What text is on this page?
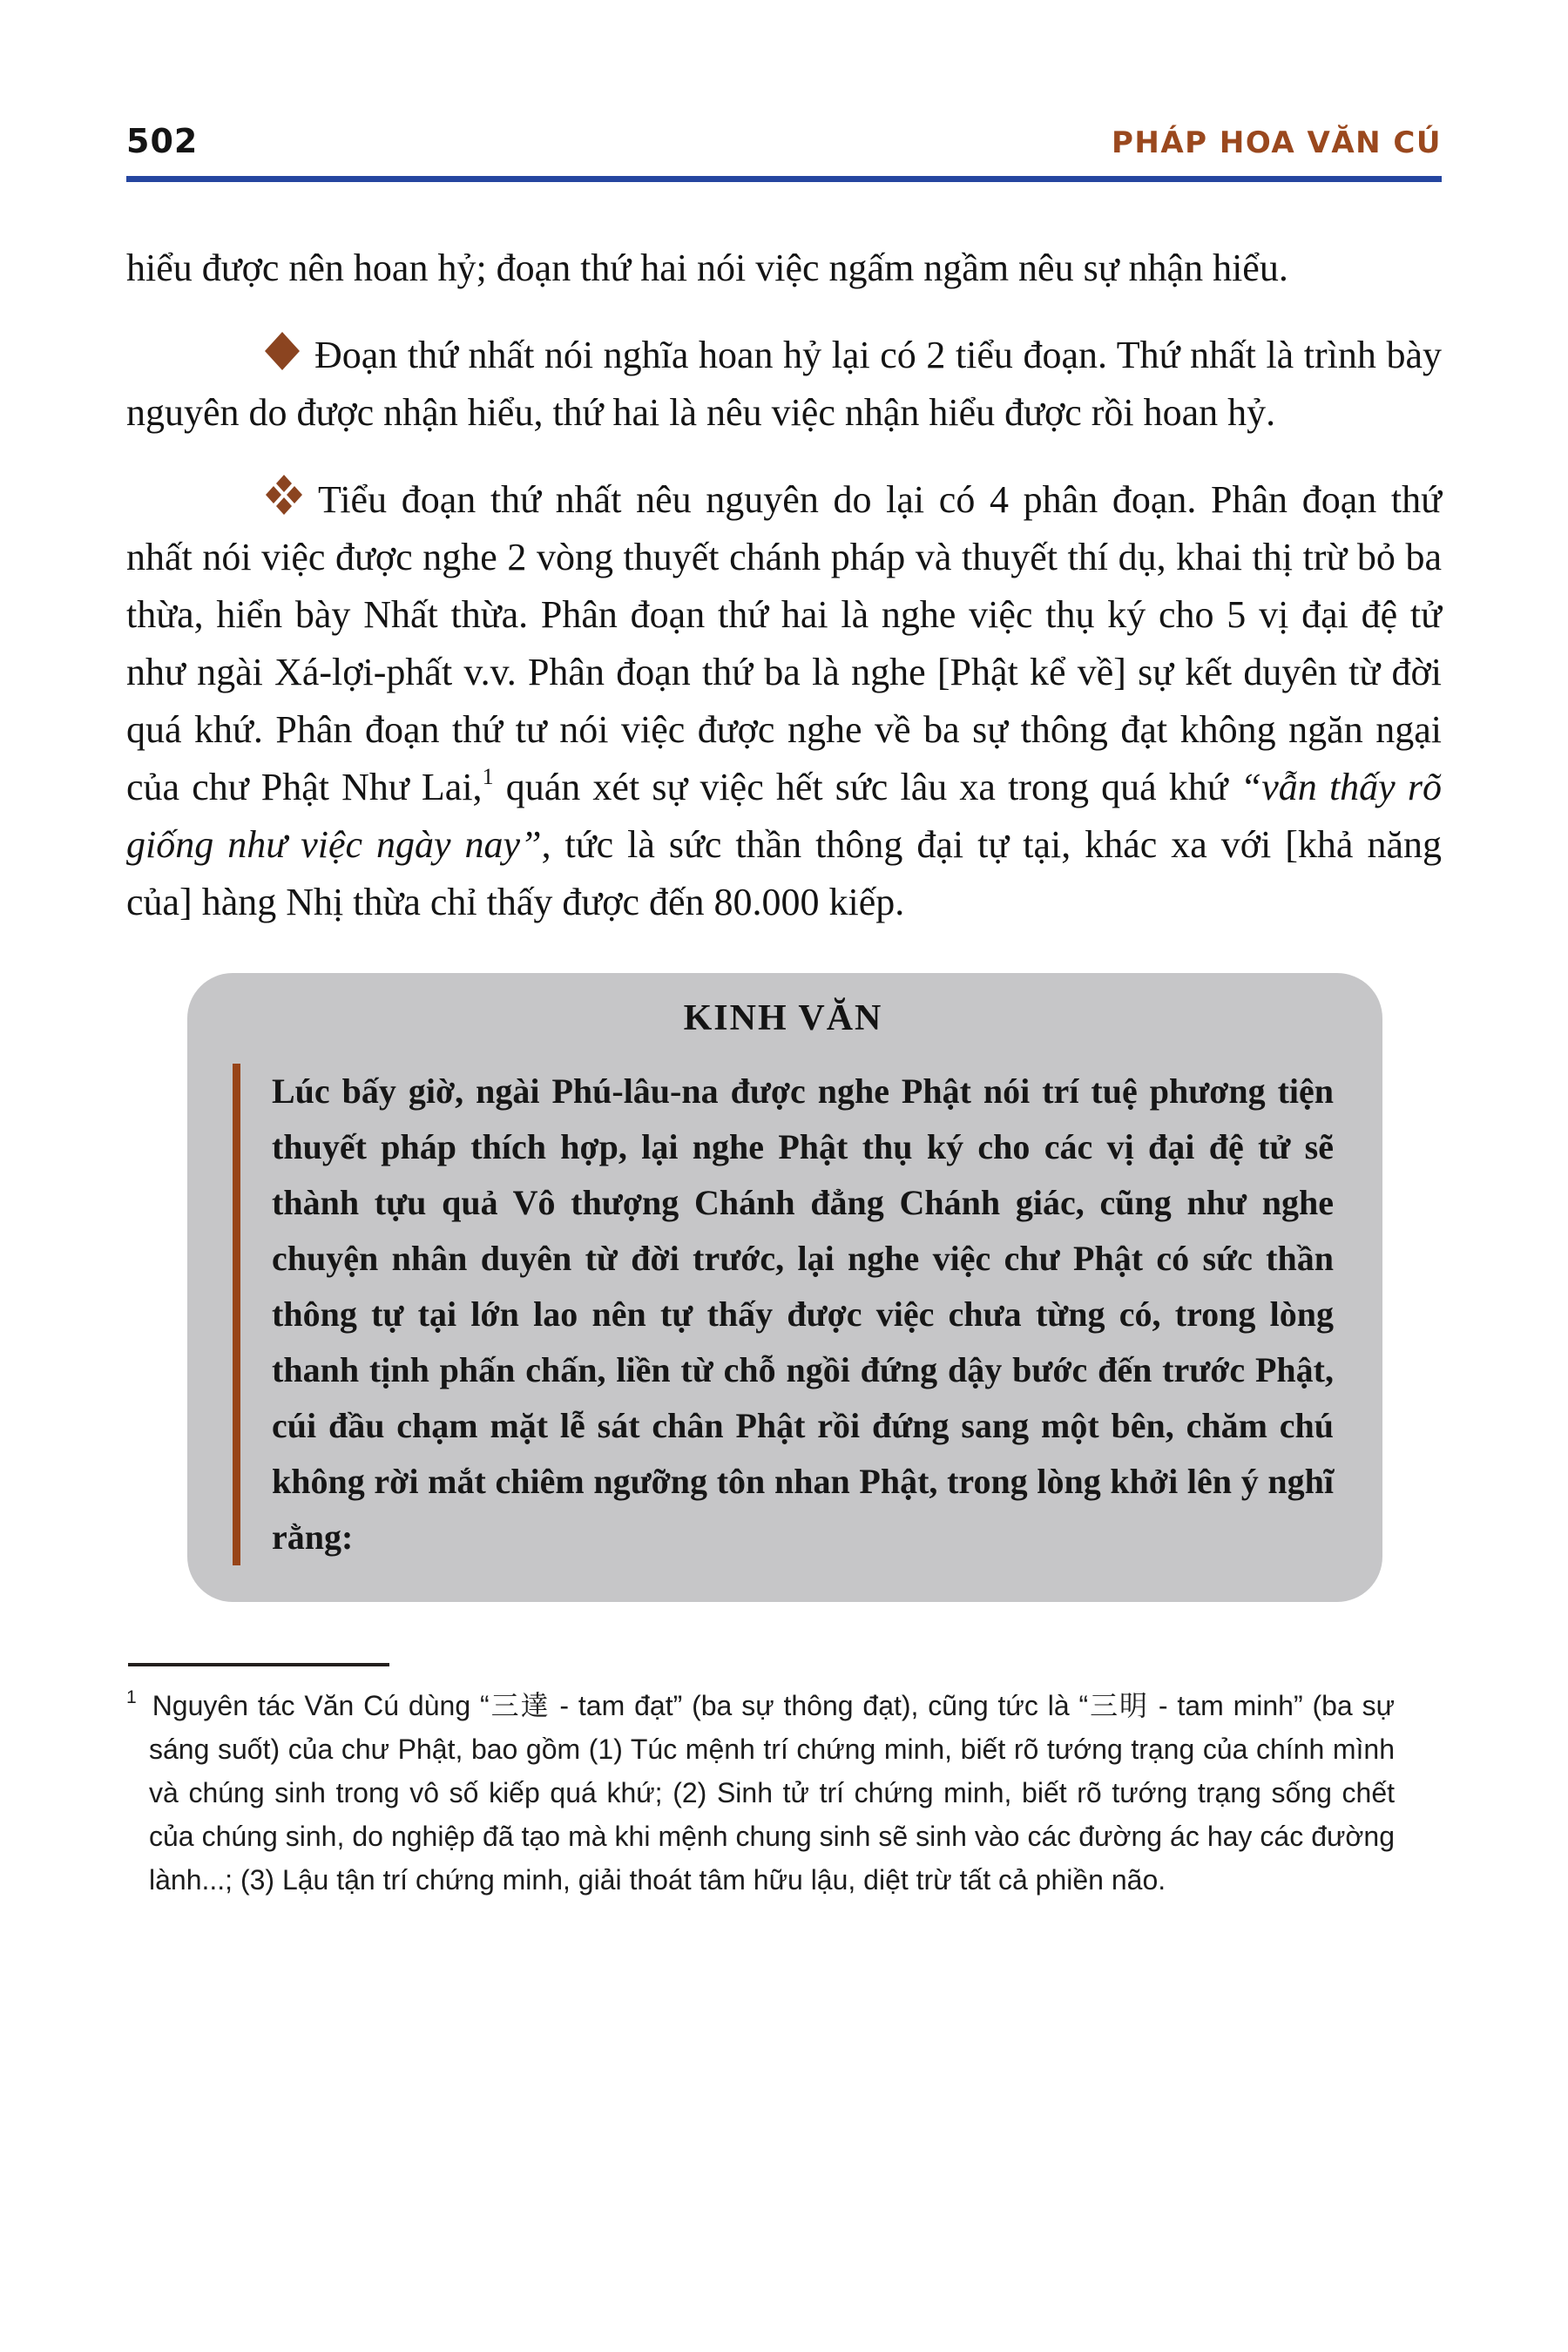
502	PHÁP HOA VĂN CÚ

hiểu được nên hoan hỷ; đoạn thứ hai nói việc ngấm ngầm nêu sự nhận hiểu.

Đoạn thứ nhất nói nghĩa hoan hỷ lại có 2 tiểu đoạn. Thứ nhất là trình bày nguyên do được nhận hiểu, thứ hai là nêu việc nhận hiểu được rồi hoan hỷ.

Tiểu đoạn thứ nhất nêu nguyên do lại có 4 phân đoạn. Phân đoạn thứ nhất nói việc được nghe 2 vòng thuyết chánh pháp và thuyết thí dụ, khai thị trừ bỏ ba thừa, hiển bày Nhất thừa. Phân đoạn thứ hai là nghe việc thụ ký cho 5 vị đại đệ tử như ngài Xá-lợi-phất v.v. Phân đoạn thứ ba là nghe [Phật kể về] sự kết duyên từ đời quá khứ. Phân đoạn thứ tư nói việc được nghe về ba sự thông đạt không ngăn ngại của chư Phật Như Lai,$^1$ quán xét sự việc hết sức lâu xa trong quá khứ “vẫn thấy rõ giống như việc ngày nay”, tức là sức thần thông đại tự tại, khác xa với [khả năng của] hàng Nhị thừa chỉ thấy được đến 80.000 kiếp.

KINH VĂN
Lúc bấy giờ, ngài Phú-lâu-na được nghe Phật nói trí tuệ phương tiện thuyết pháp thích hợp, lại nghe Phật thụ ký cho các vị đại đệ tử sẽ thành tựu quả Vô thượng Chánh đẳng Chánh giác, cũng như nghe chuyện nhân duyên từ đời trước, lại nghe việc chư Phật có sức thần thông tự tại lớn lao nên tự thấy được việc chưa từng có, trong lòng thanh tịnh phấn chấn, liền từ chỗ ngồi đứng dậy bước đến trước Phật, cúi đầu chạm mặt lễ sát chân Phật rồi đứng sang một bên, chăm chú không rời mắt chiêm ngưỡng tôn nhan Phật, trong lòng khởi lên ý nghĩ rằng:
$^1$ Nguyên tác Văn Cú dùng “三達 - tam đạt” (ba sự thông đạt), cũng tức là “三明 - tam minh” (ba sự sáng suốt) của chư Phật, bao gồm (1) Túc mệnh trí chứng minh, biết rõ tướng trạng của chính mình và chúng sinh trong vô số kiếp quá khứ; (2) Sinh tử trí chứng minh, biết rõ tướng trạng sống chết của chúng sinh, do nghiệp đã tạo mà khi mệnh chung sinh sẽ sinh vào các đường ác hay các đường lành...; (3) Lậu tận trí chứng minh, giải thoát tâm hữu lậu, diệt trừ tất cả phiền não.
